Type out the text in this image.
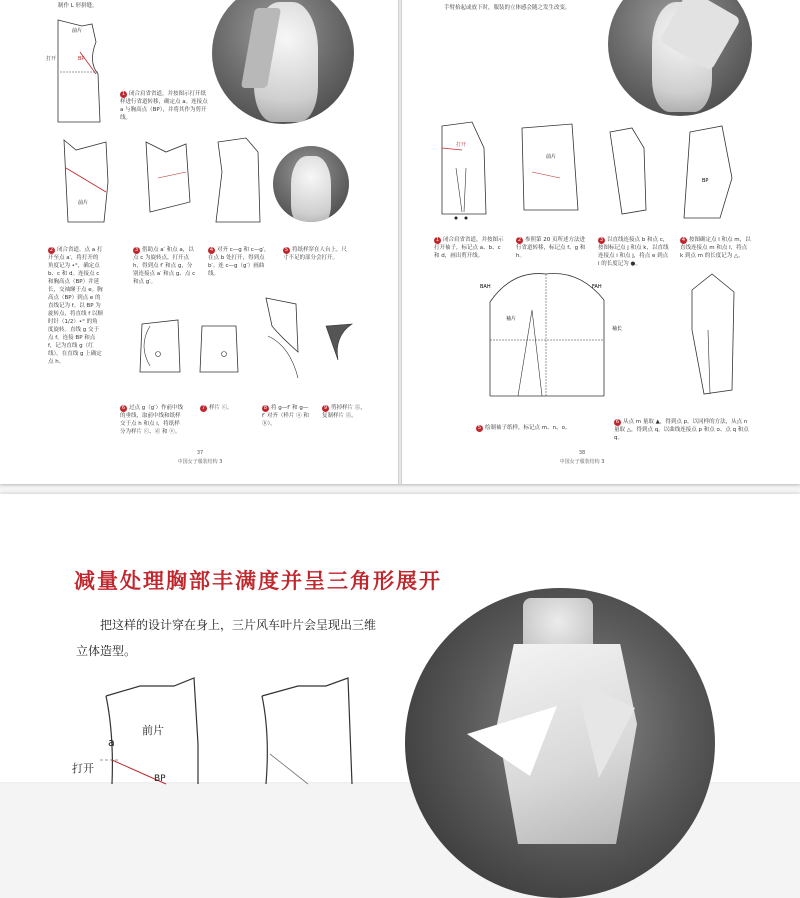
制作 L 形拼缝。
前片
打开	BP
1 闭合肩省省道，并按图示打开纸样进行省道转移，确定点 a。连接点 a 与胸高点（BP），并将其作为剪开线。
前片
2 闭合省道。点 a 打开至点 a′，将打开的角度记为 •°，确定点 b、c 和 d。连接点 c 和胸高点（BP）并延长，交袖窿于点 e。胸高点（BP）到点 e 的直线记为 f。以 BP 为旋转点，将直线 f 以顺时针（1/2）•° 的角度旋转。直线 g 交于点 f。连接 BP 和点 f，记为直线 g（红线）。在直线 g 上确定点 h。
3 借助点 a′ 和点 a，以点 c 为旋转点，打开点 h，得到点 f′ 和点 g，分别连接点 a′ 和点 g、点 c 和点 g′。
4 对齐 c—g 和 c—g′，在点 b 处打开，得到点 b′。连 c—g（g′）画曲线。
5 将纸样穿在人台上，尺寸不足的部分会打开。
6 过点 g（g′）作前中线的垂线，取前中线和纸样交于点 h 和点 i，将纸样分为样片 ⓒ、ⓓ 和 ⓔ。
7 样片 ⓒ。	8 将 g—f′ 和 g—f′ 对齐（样片 ⓐ 和 ⓑ）。
9 剪掉样片 ⓖ，复制样片 ⓖ。
37
中国女子服装结构 3
手臂抬起或放下时，服装的立体感会随之发生改变。
前片
打开
BP
1 闭合肩省省道，并按图示打开袖子，标记点 a、b、c 和 d，画出剪开线。
2 参照第 20 页所述方法进行省道转移，标记点 f、g 和 h。
3 以直线连接点 b 和点 c，按图标记点 j 和点 k，以直线连接点 i 和点 j，将点 e 到点 i 的长度记为 ●。
4 按图确定点 l 和点 m，以直线连接点 m 和点 l，将点 k 到点 m 的长度记为 △。
BAH	FAH
袖片
袖长
5 绘制袖子纸样，标记点 m、n、o。
6 从点 m 量取 ▲，得到点 p。以同样的方法，从点 n 量取 △，得到点 q。以曲线连接点 p 和点 o、点 q 和点 q。
38
中国女子服装结构 3
减量处理胸部丰满度并呈三角形展开
把这样的设计穿在身上，三片风车叶片会呈现出三维立体造型。
前片
a
打开
BP
